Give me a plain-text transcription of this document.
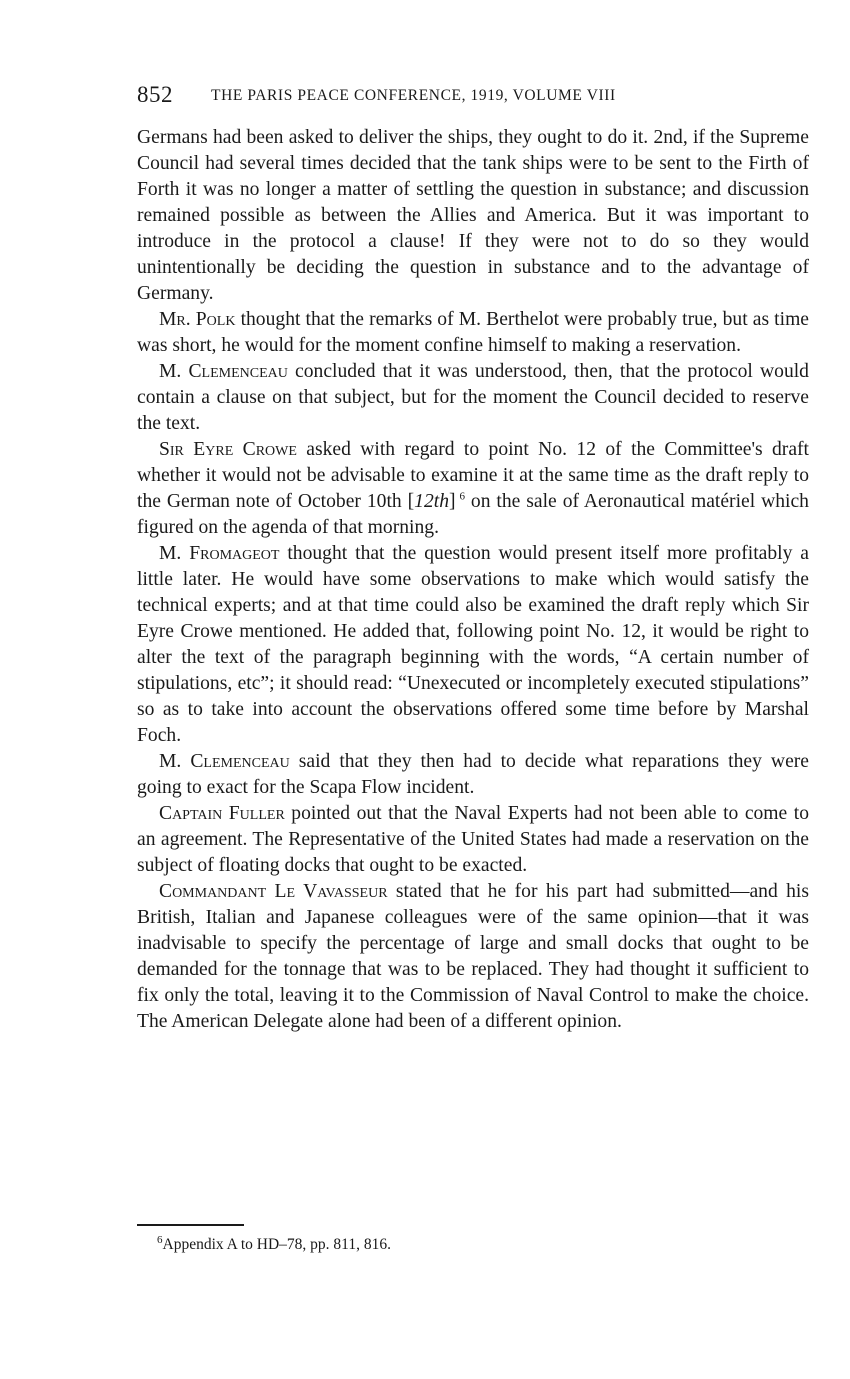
852 THE PARIS PEACE CONFERENCE, 1919, VOLUME VIII

Germans had been asked to deliver the ships, they ought to do it. 2nd, if the Supreme Council had several times decided that the tank ships were to be sent to the Firth of Forth it was no longer a matter of settling the question in substance; and discussion remained possible as between the Allies and America. But it was important to introduce in the protocol a clause! If they were not to do so they would unintentionally be deciding the question in substance and to the advantage of Germany.

Mr. Polk thought that the remarks of M. Berthelot were probably true, but as time was short, he would for the moment confine himself to making a reservation.

M. Clemenceau concluded that it was understood, then, that the protocol would contain a clause on that subject, but for the moment the Council decided to reserve the text.

Sir Eyre Crowe asked with regard to point No. 12 of the Committee's draft whether it would not be advisable to examine it at the same time as the draft reply to the German note of October 10th [12th]  $^6$ on the sale of Aeronautical matériel which figured on the agenda of that morning.

M. Fromageot thought that the question would present itself more profitably a little later. He would have some observations to make which would satisfy the technical experts; and at that time could also be examined the draft reply which Sir Eyre Crowe mentioned. He added that, following point No. 12, it would be right to alter the text of the paragraph beginning with the words, “A certain number of stipulations, etc”; it should read: “Unexecuted or incompletely executed stipulations” so as to take into account the observations offered some time before by Marshal Foch.

M. Clemenceau said that they then had to decide what reparations they were going to exact for the Scapa Flow incident.

Captain Fuller pointed out that the Naval Experts had not been able to come to an agreement. The Representative of the United States had made a reservation on the subject of floating docks that ought to be exacted.

Commandant Le Vavasseur stated that he for his part had submitted—and his British, Italian and Japanese colleagues were of the same opinion—that it was inadvisable to specify the percentage of large and small docks that ought to be demanded for the tonnage that was to be replaced. They had thought it sufficient to fix only the total, leaving it to the Commission of Naval Control to make the choice. The American Delegate alone had been of a different opinion.

$^6$Appendix A to HD–78, pp. 811, 816.
